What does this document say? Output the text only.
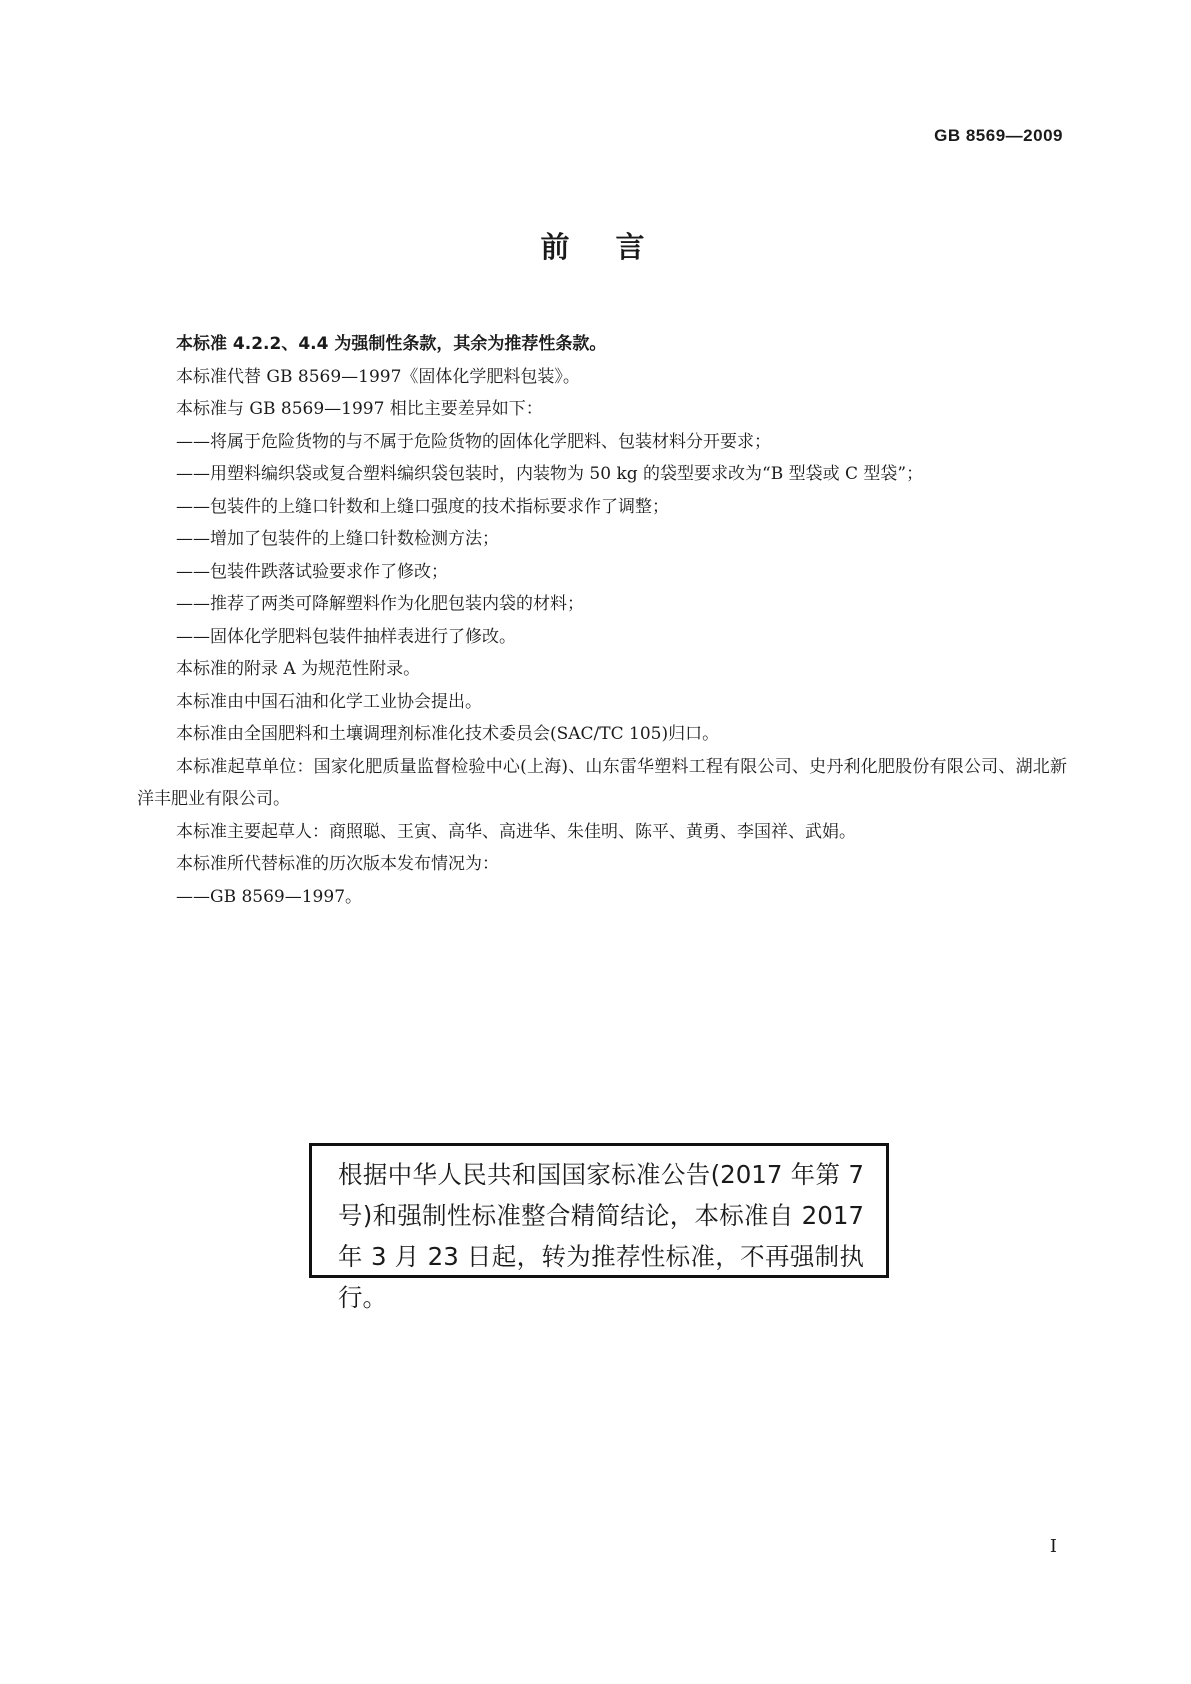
GB 8569—2009
前言

本标准 4.2.2、4.4 为强制性条款，其余为推荐性条款。

本标准代替 GB 8569—1997《固体化学肥料包装》。

本标准与 GB 8569—1997 相比主要差异如下：

——将属于危险货物的与不属于危险货物的固体化学肥料、包装材料分开要求；

——用塑料编织袋或复合塑料编织袋包装时，内装物为 50 kg 的袋型要求改为“B 型袋或 C 型袋”；

——包装件的上缝口针数和上缝口强度的技术指标要求作了调整；

——增加了包装件的上缝口针数检测方法；

——包装件跌落试验要求作了修改；

——推荐了两类可降解塑料作为化肥包装内袋的材料；

——固体化学肥料包装件抽样表进行了修改。

本标准的附录 A 为规范性附录。

本标准由中国石油和化学工业协会提出。

本标准由全国肥料和土壤调理剂标准化技术委员会(SAC/TC 105)归口。

本标准起草单位：国家化肥质量监督检验中心(上海)、山东雷华塑料工程有限公司、史丹利化肥股份有限公司、湖北新洋丰肥业有限公司。

本标准主要起草人：商照聪、王寅、高华、高进华、朱佳明、陈平、黄勇、李国祥、武娟。

本标准所代替标准的历次版本发布情况为：

——GB 8569—1997。

根据中华人民共和国国家标准公告(2017 年第 7 号)和强制性标准整合精简结论，本标准自 2017 年 3 月 23 日起，转为推荐性标准，不再强制执行。

I
